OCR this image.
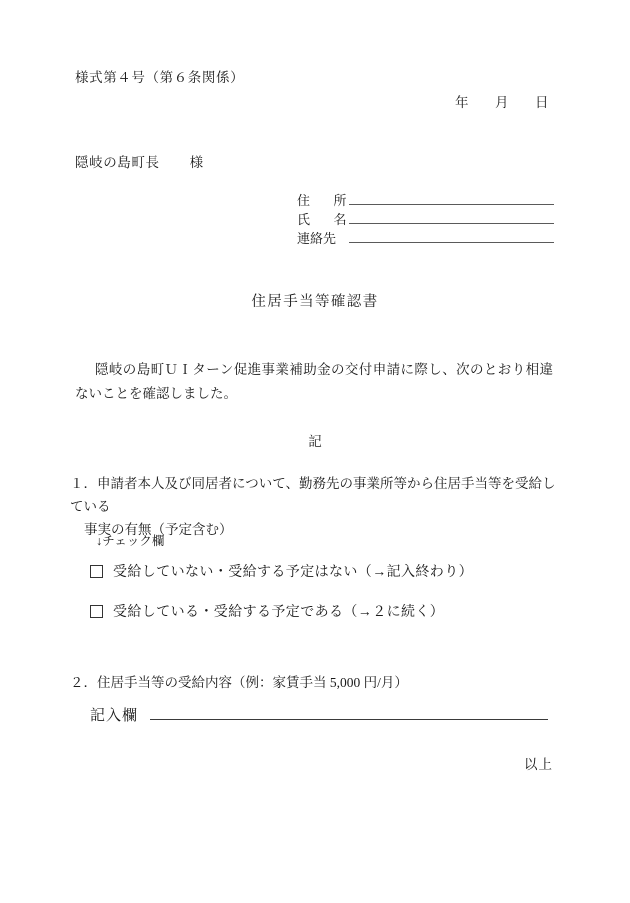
様式第４号（第６条関係）
年 月 日
隠岐の島町長 様
住 所
氏 名
連絡先
住居手当等確認書
隠岐の島町ＵＩターン促進事業補助金の交付申請に際し、次のとおり相違ないことを確認しました。
記
１．申請者本人及び同居者について、勤務先の事業所等から住居手当等を受給している
事実の有無（予定含む）
↓チェック欄
受給していない・受給する予定はない（→記入終わり）
受給している・受給する予定である（→２に続く）
２．住居手当等の受給内容（例：家賃手当 5,000 円/月）
記入欄
以上
